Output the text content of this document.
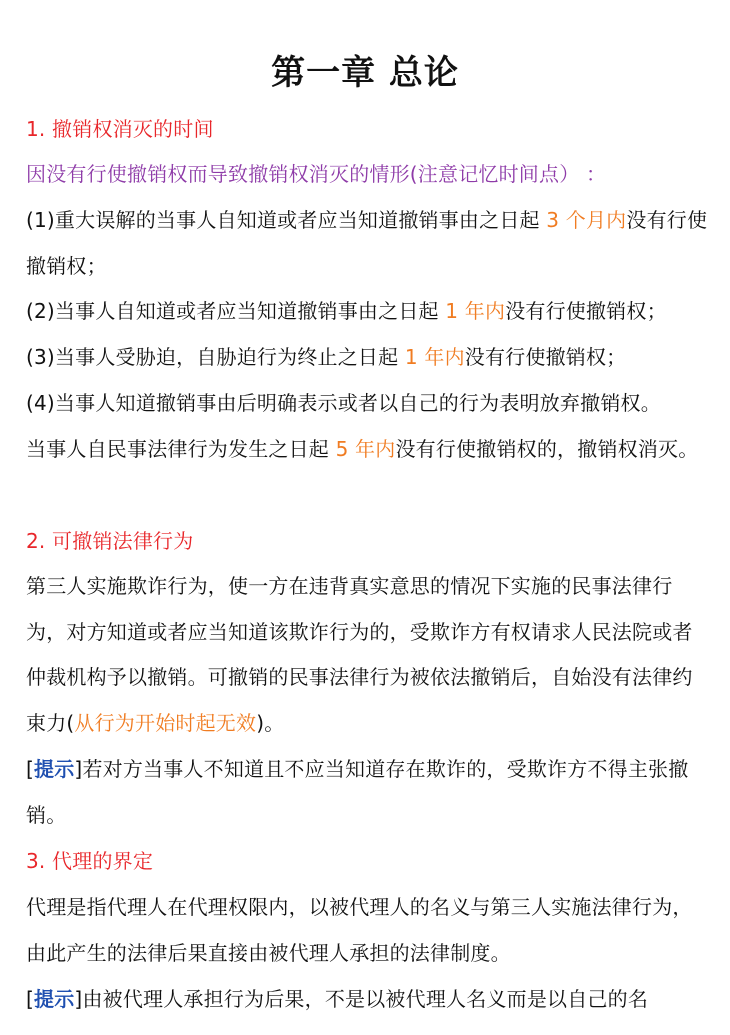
第一章 总论
1. 撤销权消灭的时间
因没有行使撤销权而导致撤销权消灭的情形(注意记忆时间点） ：
(1)重大误解的当事人自知道或者应当知道撤销事由之日起 3 个月内没有行使撤销权；
(2)当事人自知道或者应当知道撤销事由之日起 1 年内没有行使撤销权；
(3)当事人受胁迫，自胁迫行为终止之日起 1 年内没有行使撤销权；
(4)当事人知道撤销事由后明确表示或者以自己的行为表明放弃撤销权。
当事人自民事法律行为发生之日起 5 年内没有行使撤销权的，撤销权消灭。
2. 可撤销法律行为
第三人实施欺诈行为，使一方在违背真实意思的情况下实施的民事法律行为，对方知道或者应当知道该欺诈行为的，受欺诈方有权请求人民法院或者仲裁机构予以撤销。可撤销的民事法律行为被依法撤销后，自始没有法律约束力(从行为开始时起无效)。
[提示]若对方当事人不知道且不应当知道存在欺诈的，受欺诈方不得主张撤销。
3. 代理的界定
代理是指代理人在代理权限内，以被代理人的名义与第三人实施法律行为，由此产生的法律后果直接由被代理人承担的法律制度。
[提示]由被代理人承担行为后果，不是以被代理人名义而是以自己的名
